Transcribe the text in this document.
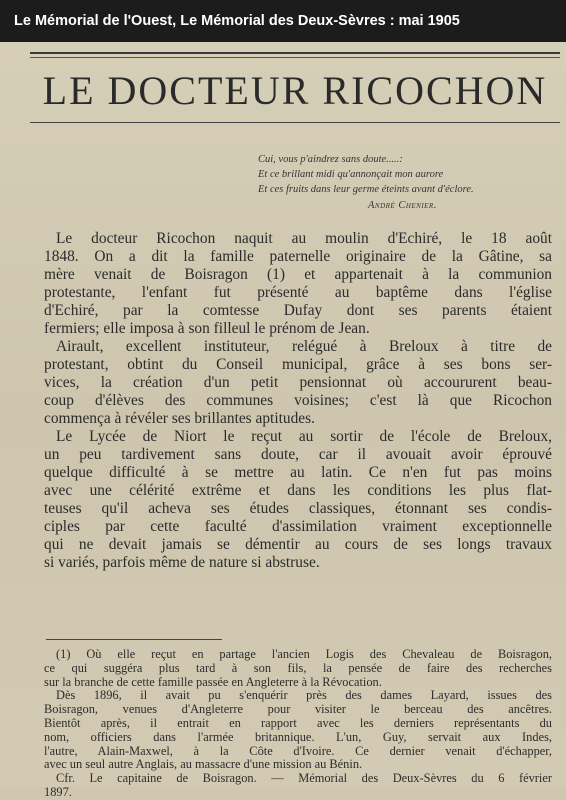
Le Mémorial de l'Ouest, Le Mémorial des Deux-Sèvres : mai 1905
LE DOCTEUR RICOCHON
Cui, vous p'aindrez sans doute.....:
Et ce brillant midi qu'annonçait mon aurore
Et ces fruits dans leur germe éteints avant d'éclore.
André Chenier.
Le docteur Ricochon naquit au moulin d'Echiré, le 18 août
1848. On a dit la famille paternelle originaire de la Gâtine, sa
mère venait de Boisragon (1) et appartenait à la communion
protestante, l'enfant fut présenté au baptême dans l'église
d'Echiré, par la comtesse Dufay dont ses parents étaient
fermiers; elle imposa à son filleul le prénom de Jean.
Airault, excellent instituteur, relégué à Breloux à titre de
protestant, obtint du Conseil municipal, grâce à ses bons ser-
vices, la création d'un petit pensionnat où accoururent beau-
coup d'élèves des communes voisines; c'est là que Ricochon
commença à révéler ses brillantes aptitudes.
Le Lycée de Niort le reçut au sortir de l'école de Breloux,
un peu tardivement sans doute, car il avouait avoir éprouvé
quelque difficulté à se mettre au latin. Ce n'en fut pas moins
avec une célérité extrême et dans les conditions les plus flat-
teuses qu'il acheva ses études classiques, étonnant ses condis-
ciples par cette faculté d'assimilation vraiment exceptionnelle
qui ne devait jamais se démentir au cours de ses longs travaux
si variés, parfois même de nature si abstruse.
(1) Où elle reçut en partage l'ancien Logis des Chevaleau de Boisragon,
ce qui suggéra plus tard à son fils, la pensée de faire des recherches
sur la branche de cette famille passée en Angleterre à la Révocation.
Dès 1896, il avait pu s'enquérir près des dames Layard, issues des
Boisragon, venues d'Angleterre pour visiter le berceau des ancêtres.
Bientôt après, il entrait en rapport avec les derniers représentants du
nom, officiers dans l'armée britannique. L'un, Guy, servait aux Indes,
l'autre, Alain-Maxwel, à la Côte d'Ivoire. Ce dernier venait d'échapper,
avec un seul autre Anglais, au massacre d'une mission au Bénin.
Cfr. Le capitaine de Boisragon. — Mémorial des Deux-Sèvres du 6 février
1897.
